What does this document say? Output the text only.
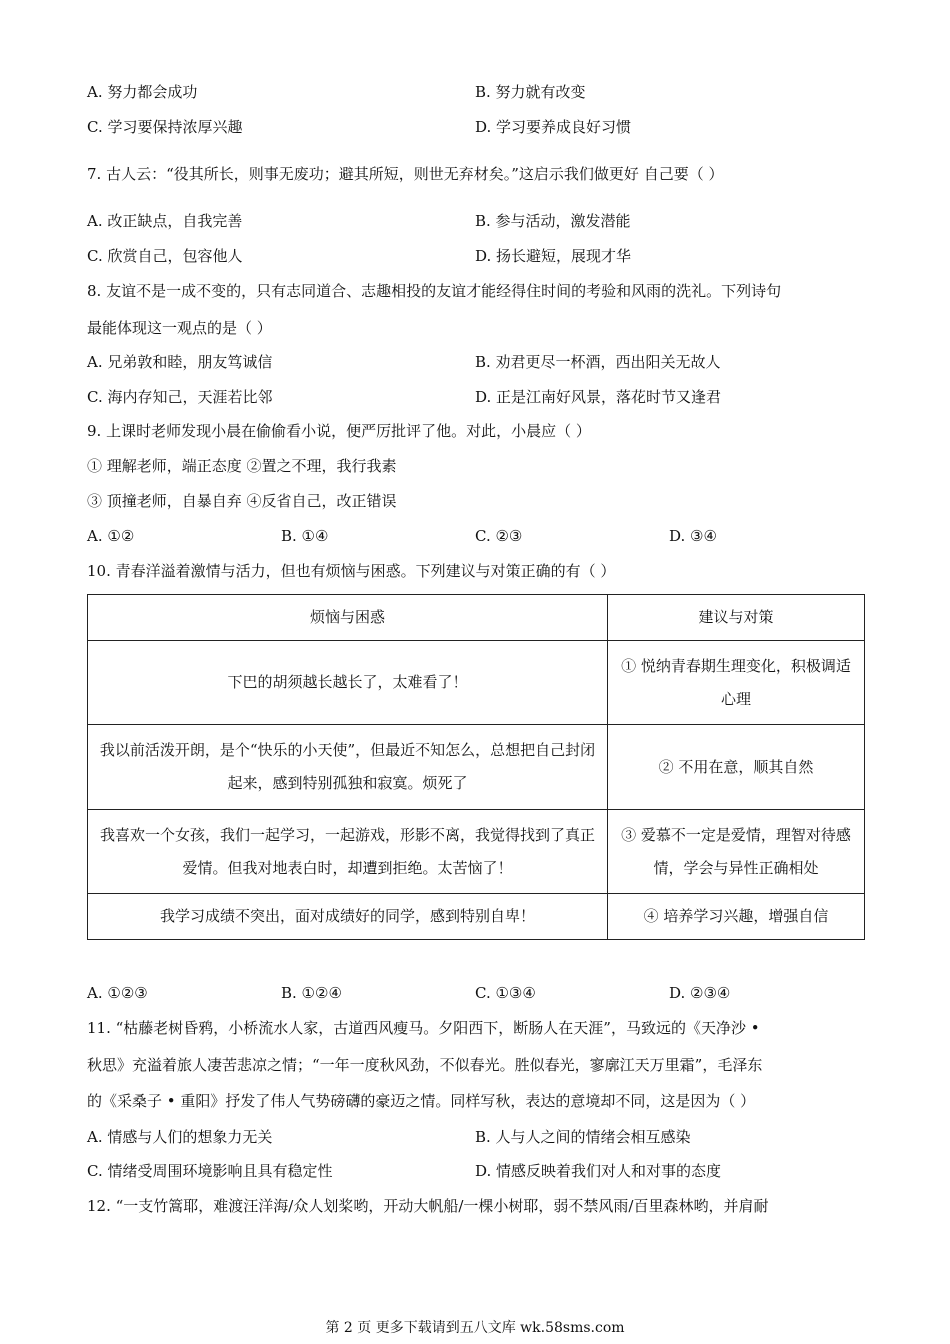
A. 努力都会成功	B. 努力就有改变
C. 学习要保持浓厚兴趣	D. 学习要养成良好习惯
7. 古人云：“役其所长，则事无废功；避其所短，则世无弃材矣。”这启示我们做更好 自己要（ ）
A. 改正缺点，自我完善	B. 参与活动，激发潜能
C. 欣赏自己，包容他人	D. 扬长避短，展现才华
8. 友谊不是一成不变的，只有志同道合、志趣相投的友谊才能经得住时间的考验和风雨的洗礼。下列诗句
最能体现这一观点的是（ ）
A. 兄弟敦和睦，朋友笃诚信	B. 劝君更尽一杯酒，西出阳关无故人
C. 海内存知己，天涯若比邻	D. 正是江南好风景，落花时节又逢君
9. 上课时老师发现小晨在偷偷看小说，便严厉批评了他。对此，小晨应（ ）
① 理解老师，端正态度 ②置之不理，我行我素
③ 顶撞老师，自暴自弃 ④反省自己，改正错误
A. ①②	B. ①④	C. ②③	D. ③④
10. 青春洋溢着激情与活力，但也有烦恼与困惑。下列建议与对策正确的有（ ）
烦恼与困惑	建议与对策
下巴的胡须越长越长了，太难看了！	① 悦纳青春期生理变化，积极调适心理
我以前活泼开朗，是个“快乐的小天使”，但最近不知怎么，总想把自己封闭起来，感到特别孤独和寂寞。烦死了	② 不用在意，顺其自然
我喜欢一个女孩，我们一起学习，一起游戏，形影不离，我觉得找到了真正 爱情。但我对地表白时，却遭到拒绝。太苦恼了！	③ 爱慕不一定是爱情，理智对待感情，学会与异性正确相处
我学习成绩不突出，面对成绩好的同学，感到特别自卑！	④ 培养学习兴趣，增强自信
A. ①②③	B. ①②④	C. ①③④	D. ②③④
11. “枯藤老树昏鸦，小桥流水人家，古道西风瘦马。夕阳西下，断肠人在天涯”，马致远的《天净沙 •
秋思》充溢着旅人凄苦悲凉之情；“一年一度秋风劲，不似春光。胜似春光，寥廓江天万里霜”，毛泽东
的《采桑子 • 重阳》抒发了伟人气势磅礴的豪迈之情。同样写秋，表达的意境却不同，这是因为（ ）
A. 情感与人们的想象力无关	B. 人与人之间的情绪会相互感染
C. 情绪受周围环境影响且具有稳定性	D. 情感反映着我们对人和对事的态度
12. “一支竹篙耶，难渡汪洋海/众人划桨哟，开动大帆船/一棵小树耶，弱不禁风雨/百里森林哟，并肩耐
第 2 页 更多下载请到五八文库 wk.58sms.com
